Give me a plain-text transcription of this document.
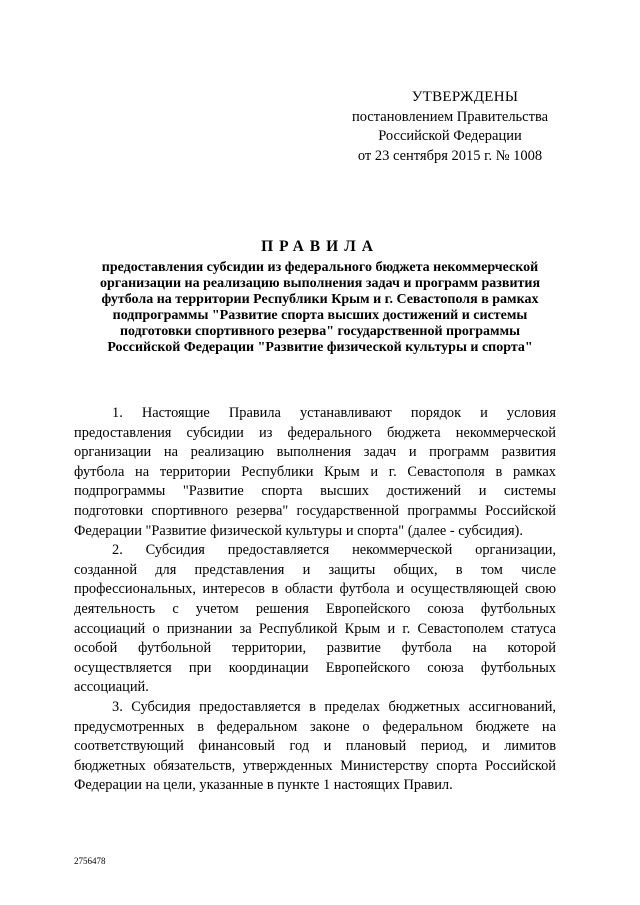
УТВЕРЖДЕНЫ
постановлением Правительства
Российской Федерации
от 23 сентября 2015 г. № 1008
ПРАВИЛА
предоставления субсидии из федерального бюджета некоммерческой
организации на реализацию выполнения задач и программ развития
футбола на территории Республики Крым и г. Севастополя в рамках
подпрограммы "Развитие спорта высших достижений и системы
подготовки спортивного резерва" государственной программы
Российской Федерации "Развитие физической культуры и спорта"
1. Настоящие Правила устанавливают порядок и условия
предоставления субсидии из федерального бюджета некоммерческой
организации на реализацию выполнения задач и программ развития
футбола на территории Республики Крым и г. Севастополя в рамках
подпрограммы "Развитие спорта высших достижений и системы
подготовки спортивного резерва" государственной программы Российской
Федерации "Развитие физической культуры и спорта" (далее - субсидия).
2. Субсидия предоставляется некоммерческой организации,
созданной для представления и защиты общих, в том числе
профессиональных, интересов в области футбола и осуществляющей свою
деятельность с учетом решения Европейского союза футбольных
ассоциаций о признании за Республикой Крым и г. Севастополем статуса
особой футбольной территории, развитие футбола на которой
осуществляется при координации Европейского союза футбольных
ассоциаций.
3. Субсидия предоставляется в пределах бюджетных ассигнований,
предусмотренных в федеральном законе о федеральном бюджете на
соответствующий финансовый год и плановый период, и лимитов
бюджетных обязательств, утвержденных Министерству спорта Российской
Федерации на цели, указанные в пункте 1 настоящих Правил.
2756478
